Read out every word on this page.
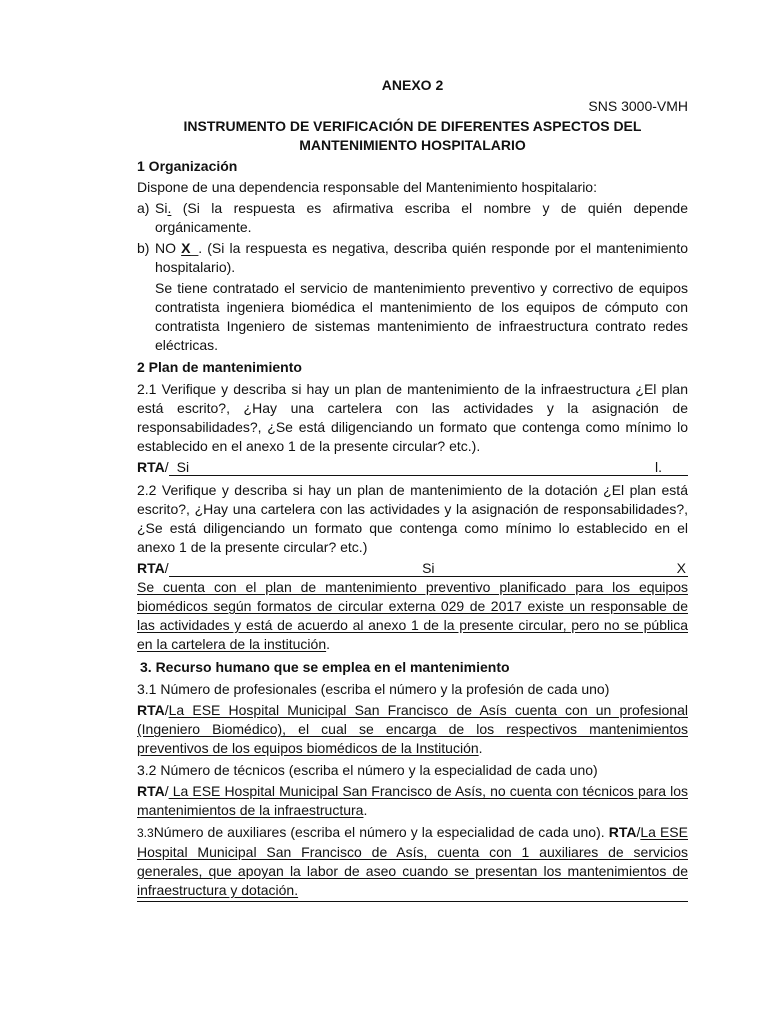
ANEXO 2
SNS 3000-VMH
INSTRUMENTO DE VERIFICACIÓN DE DIFERENTES ASPECTOS DEL
MANTENIMIENTO HOSPITALARIO
1 Organización
Dispone de una dependencia responsable del Mantenimiento hospitalario:
a) Si. (Si la respuesta es afirmativa escriba el nombre y de quién depende orgánicamente.
b) NO X_. (Si la respuesta es negativa, describa quién responde por el mantenimiento hospitalario).
Se tiene contratado el servicio de mantenimiento preventivo y correctivo de equipos contratista ingeniera biomédica el mantenimiento de los equipos de cómputo con contratista Ingeniero de sistemas mantenimiento de infraestructura contrato redes eléctricas.
2 Plan de mantenimiento
2.1 Verifique y describa si hay un plan de mantenimiento de la infraestructura ¿El plan está escrito?, ¿Hay una cartelera con las actividades y la asignación de responsabilidades?, ¿Se está diligenciando un formato que contenga como mínimo lo establecido en el anexo 1 de la presente circular? etc.).
RTA / Si	l.
2.2 Verifique y describa si hay un plan de mantenimiento de la dotación ¿El plan está escrito?, ¿Hay una cartelera con las actividades y la asignación de responsabilidades?, ¿Se está diligenciando un formato que contenga como mínimo lo establecido en el anexo 1 de la presente circular? etc.)
RTA /	Si	X
Se cuenta con el plan de mantenimiento preventivo planificado para los equipos biomédicos según formatos de circular externa 029 de 2017 existe un responsable de las actividades y está de acuerdo al anexo 1 de la presente circular, pero no se pública en la cartelera de la institución.
3. Recurso humano que se emplea en el mantenimiento
3.1 Número de profesionales (escriba el número y la profesión de cada uno)
RTA/La ESE Hospital Municipal San Francisco de Asís cuenta con un profesional (Ingeniero Biomédico), el cual se encarga de los respectivos mantenimientos preventivos de los equipos biomédicos de la Institución.
3.2 Número de técnicos (escriba el número y la especialidad de cada uno)
RTA/ La ESE Hospital Municipal San Francisco de Asís, no cuenta con técnicos para los mantenimientos de la infraestructura.
3.3Número de auxiliares (escriba el número y la especialidad de cada uno). RTA/La ESE Hospital Municipal San Francisco de Asís, cuenta con 1 auxiliares de servicios generales, que apoyan la labor de aseo cuando se presentan los mantenimientos de infraestructura y dotación.
